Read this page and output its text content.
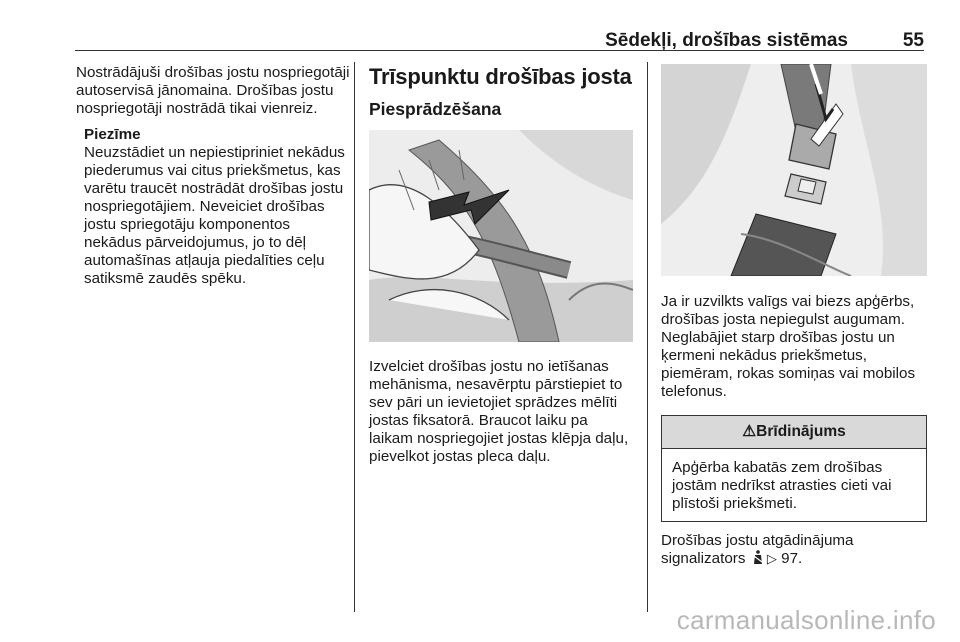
Sēdekļi, drošības sistēmas	55

Nostrādājuši drošības jostu nospriegotāji autoservisā jānomaina. Drošības jostu nospriegotāji nostrādā tikai vienreiz.

Piezīme

Neuzstādiet un nepiestipriniet nekādus piederumus vai citus priekšmetus, kas varētu traucēt nostrādāt drošības jostu nospriegotājiem. Neveiciet drošības jostu spriegotāju komponentos nekādus pārveidojumus, jo to dēļ automašīnas atļauja piedalīties ceļu satiksmē zaudēs spēku.

Trīspunktu drošības josta
Piesprādzēšana

Izvelciet drošības jostu no ietīšanas mehānisma, nesavērptu pārstiepiet to sev pāri un ievietojiet sprādzes mēlīti jostas fiksatorā. Braucot laiku pa laikam nospriegojiet jostas klēpja daļu, pievelkot jostas pleca daļu.

Ja ir uzvilkts valīgs vai biezs apģērbs, drošības josta nepiegulst augumam. Neglabājiet starp drošības jostu un ķermeni nekādus priekšmetus, piemēram, rokas somiņas vai mobilos telefonus.

⚠Brīdinājums
Apģērba kabatās zem drošības jostām nedrīkst atrasties cieti vai plīstoši priekšmeti.

Drošības jostu atgādinājuma signalizators ▷ 97.

carmanualsonline.info
